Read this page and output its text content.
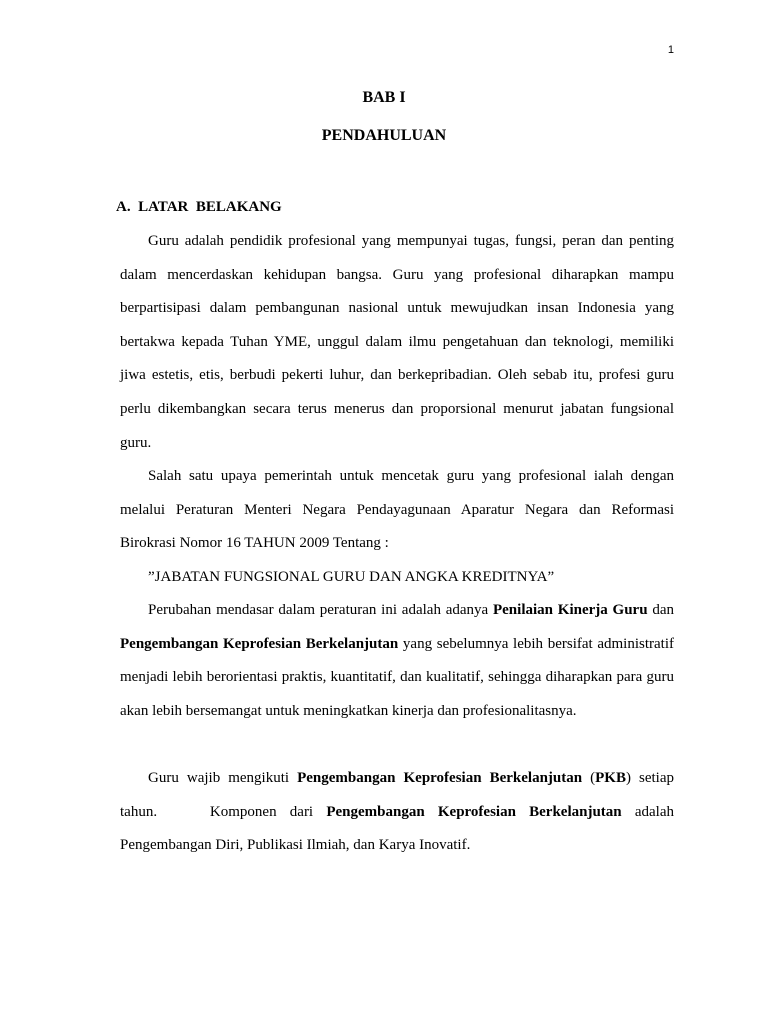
1
BAB I
PENDAHULUAN
A.  LATAR  BELAKANG

Guru adalah pendidik profesional yang mempunyai tugas, fungsi, peran dan penting dalam mencerdaskan kehidupan bangsa. Guru yang profesional diharapkan mampu berpartisipasi dalam pembangunan nasional untuk mewujudkan insan Indonesia yang bertakwa kepada Tuhan YME, unggul dalam ilmu pengetahuan dan teknologi, memiliki jiwa estetis, etis, berbudi pekerti luhur, dan berkepribadian. Oleh sebab itu, profesi guru perlu dikembangkan secara terus menerus dan proporsional menurut jabatan fungsional guru.

Salah satu upaya pemerintah untuk mencetak guru yang profesional ialah dengan melalui Peraturan Menteri Negara Pendayagunaan Aparatur Negara dan Reformasi Birokrasi Nomor 16 TAHUN 2009 Tentang :

”JABATAN FUNGSIONAL GURU DAN ANGKA KREDITNYA”

Perubahan mendasar dalam peraturan ini adalah adanya Penilaian Kinerja Guru dan Pengembangan Keprofesian Berkelanjutan yang sebelumnya lebih bersifat administratif menjadi lebih berorientasi praktis, kuantitatif, dan kualitatif, sehingga diharapkan para guru akan lebih bersemangat untuk meningkatkan kinerja dan profesionalitasnya.

Guru wajib mengikuti Pengembangan Keprofesian Berkelanjutan (PKB) setiap tahun.    Komponen dari Pengembangan Keprofesian Berkelanjutan adalah Pengembangan Diri, Publikasi Ilmiah, dan Karya Inovatif.
